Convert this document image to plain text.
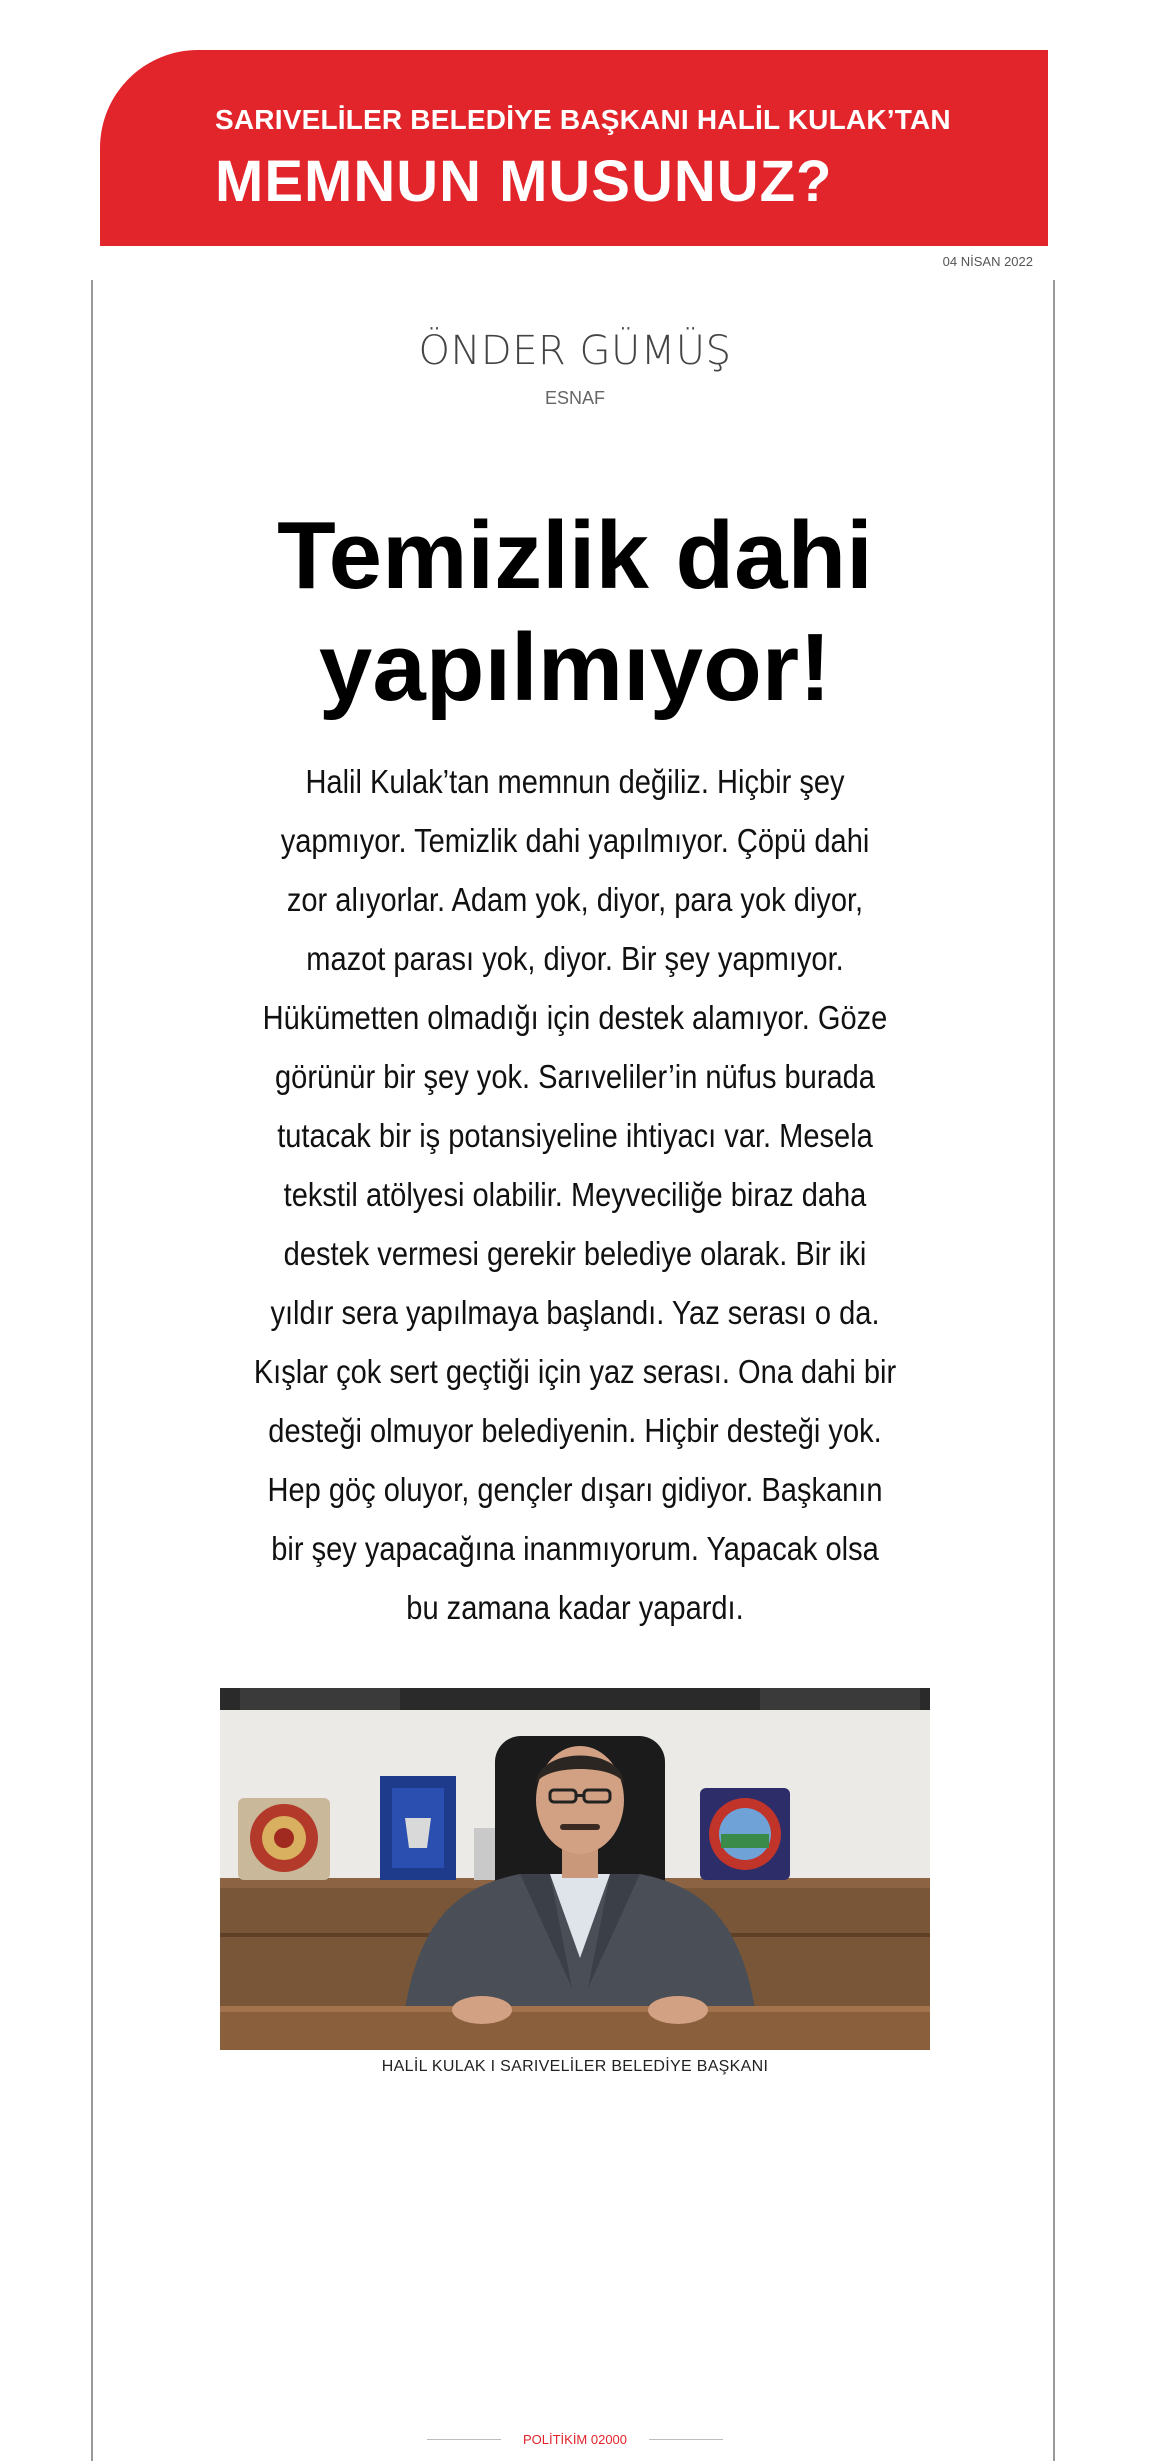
SARIVELİLER BELEDİYE BAŞKANI HALİL KULAK’TAN
MEMNUN MUSUNUZ?
04 NİSAN 2022
ÖNDER GÜMÜŞ
ESNAF
Temizlik dahi
yapılmıyor!
Halil Kulak’tan memnun değiliz. Hiçbir şey
yapmıyor. Temizlik dahi yapılmıyor. Çöpü dahi
zor alıyorlar. Adam yok, diyor, para yok diyor,
mazot parası yok, diyor. Bir şey yapmıyor.
Hükümetten olmadığı için destek alamıyor. Göze
görünür bir şey yok. Sarıveliler’in nüfus burada
tutacak bir iş potansiyeline ihtiyacı var. Mesela
tekstil atölyesi olabilir. Meyveciliğe biraz daha
destek vermesi gerekir belediye olarak. Bir iki
yıldır sera yapılmaya başlandı. Yaz serası o da.
Kışlar çok sert geçtiği için yaz serası. Ona dahi bir
desteği olmuyor belediyenin. Hiçbir desteği yok.
Hep göç oluyor, gençler dışarı gidiyor. Başkanın
bir şey yapacağına inanmıyorum. Yapacak olsa
bu zamana kadar yapardı.
HALİL KULAK I SARIVELİLER BELEDİYE BAŞKANI
POLİTİKİM 02000
